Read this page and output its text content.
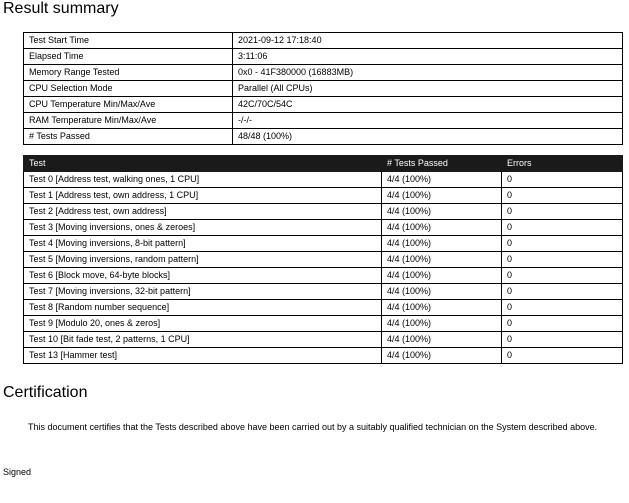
Result summary
Test Start Time	2021-09-12 17:18:40
Elapsed Time	3:11:06
Memory Range Tested	0x0 - 41F380000 (16883MB)
CPU Selection Mode	Parallel (All CPUs)
CPU Temperature Min/Max/Ave	42C/70C/54C
RAM Temperature Min/Max/Ave	-/-/-
# Tests Passed	48/48 (100%)
Test	# Tests Passed	Errors
Test 0 [Address test, walking ones, 1 CPU]	4/4 (100%)	0
Test 1 [Address test, own address, 1 CPU]	4/4 (100%)	0
Test 2 [Address test, own address]	4/4 (100%)	0
Test 3 [Moving inversions, ones & zeroes]	4/4 (100%)	0
Test 4 [Moving inversions, 8-bit pattern]	4/4 (100%)	0
Test 5 [Moving inversions, random pattern]	4/4 (100%)	0
Test 6 [Block move, 64-byte blocks]	4/4 (100%)	0
Test 7 [Moving inversions, 32-bit pattern]	4/4 (100%)	0
Test 8 [Random number sequence]	4/4 (100%)	0
Test 9 [Modulo 20, ones & zeros]	4/4 (100%)	0
Test 10 [Bit fade test, 2 patterns, 1 CPU]	4/4 (100%)	0
Test 13 [Hammer test]	4/4 (100%)	0
Certification

This document certifies that the Tests described above have been carried out by a suitably qualified technician on the System described above.

Signed
